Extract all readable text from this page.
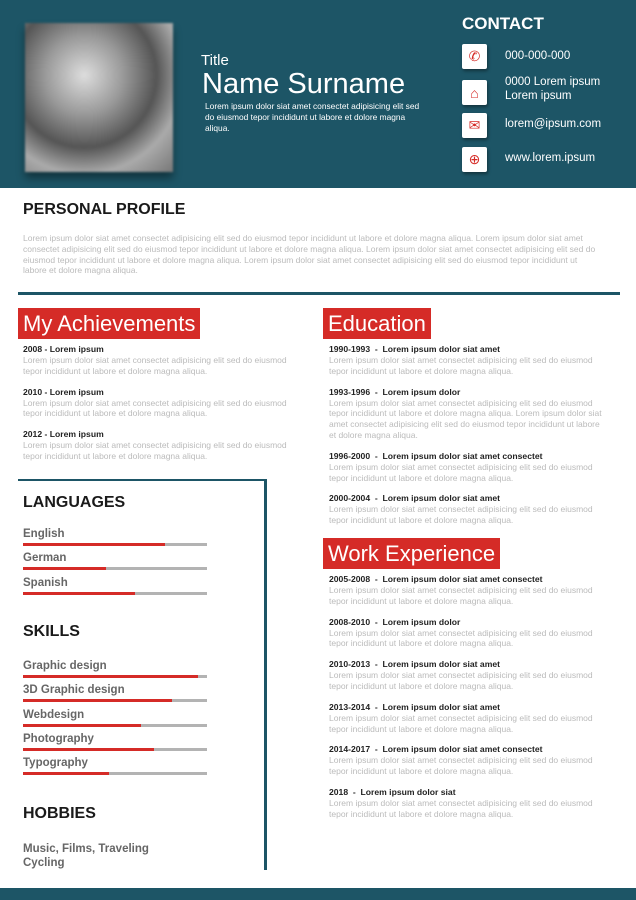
Title
Name Surname
Lorem ipsum dolor siat amet consectet adipisicing elit sed do eiusmod tepor incididunt ut labore et dolore magna aliqua.
CONTACT
✆	000-000-000
⌂
0000 Lorem ipsum
Lorem ipsum
✉	lorem@ipsum.com
⊕	www.lorem.ipsum
PERSONAL PROFILE
Lorem ipsum dolor siat amet consectet adipisicing elit sed do eiusmod tepor incididunt ut labore et dolore magna aliqua. Lorem ipsum dolor siat amet consectet adipisicing elit sed do eiusmod tepor incididunt ut labore et dolore magna aliqua. Lorem ipsum dolor siat amet consectet adipisicing elit sed do eiusmod tepor incididunt ut labore et dolore magna aliqua. Lorem ipsum dolor siat amet consectet adipisicing elit sed do eiusmod tepor incididunt ut labore et dolore magna aliqua.
My Achievements
2008 - Lorem ipsum
Lorem ipsum dolor siat amet consectet adipisicing elit sed do eiusmod tepor incididunt ut labore et dolore magna aliqua.
2010 - Lorem ipsum
Lorem ipsum dolor siat amet consectet adipisicing elit sed do eiusmod tepor incididunt ut labore et dolore magna aliqua.
2012 - Lorem ipsum
Lorem ipsum dolor siat amet consectet adipisicing elit sed do eiusmod tepor incididunt ut labore et dolore magna aliqua.
Education
1990-1993  -  Lorem ipsum dolor siat amet
Lorem ipsum dolor siat amet consectet adipisicing elit sed do eiusmod tepor incididunt ut labore et dolore magna aliqua.
1993-1996  -  Lorem ipsum dolor
Lorem ipsum dolor siat amet consectet adipisicing elit sed do eiusmod tepor incididunt ut labore et dolore magna aliqua. Lorem ipsum dolor siat amet consectet adipisicing elit sed do eiusmod tepor incididunt ut labore et dolore magna aliqua.
1996-2000  -  Lorem ipsum dolor siat amet consectet
Lorem ipsum dolor siat amet consectet adipisicing elit sed do eiusmod tepor incididunt ut labore et dolore magna aliqua.
2000-2004  -  Lorem ipsum dolor siat amet
Lorem ipsum dolor siat amet consectet adipisicing elit sed do eiusmod tepor incididunt ut labore et dolore magna aliqua.
Work Experience
2005-2008  -  Lorem ipsum dolor siat amet consectet
Lorem ipsum dolor siat amet consectet adipisicing elit sed do eiusmod tepor incididunt ut labore et dolore magna aliqua.
2008-2010  -  Lorem ipsum dolor
Lorem ipsum dolor siat amet consectet adipisicing elit sed do eiusmod tepor incididunt ut labore et dolore magna aliqua.
2010-2013  -  Lorem ipsum dolor siat amet
Lorem ipsum dolor siat amet consectet adipisicing elit sed do eiusmod tepor incididunt ut labore et dolore magna aliqua.
2013-2014  -  Lorem ipsum dolor siat amet
Lorem ipsum dolor siat amet consectet adipisicing elit sed do eiusmod tepor incididunt ut labore et dolore magna aliqua.
2014-2017  -  Lorem ipsum dolor siat amet consectet
Lorem ipsum dolor siat amet consectet adipisicing elit sed do eiusmod tepor incididunt ut labore et dolore magna aliqua.
2018  -  Lorem ipsum dolor siat
Lorem ipsum dolor siat amet consectet adipisicing elit sed do eiusmod tepor incididunt ut labore et dolore magna aliqua.
LANGUAGES
English
German
Spanish
SKILLS
Graphic design
3D Graphic design
Webdesign
Photography
Typography
HOBBIES
Music, Films, Traveling
Cycling
